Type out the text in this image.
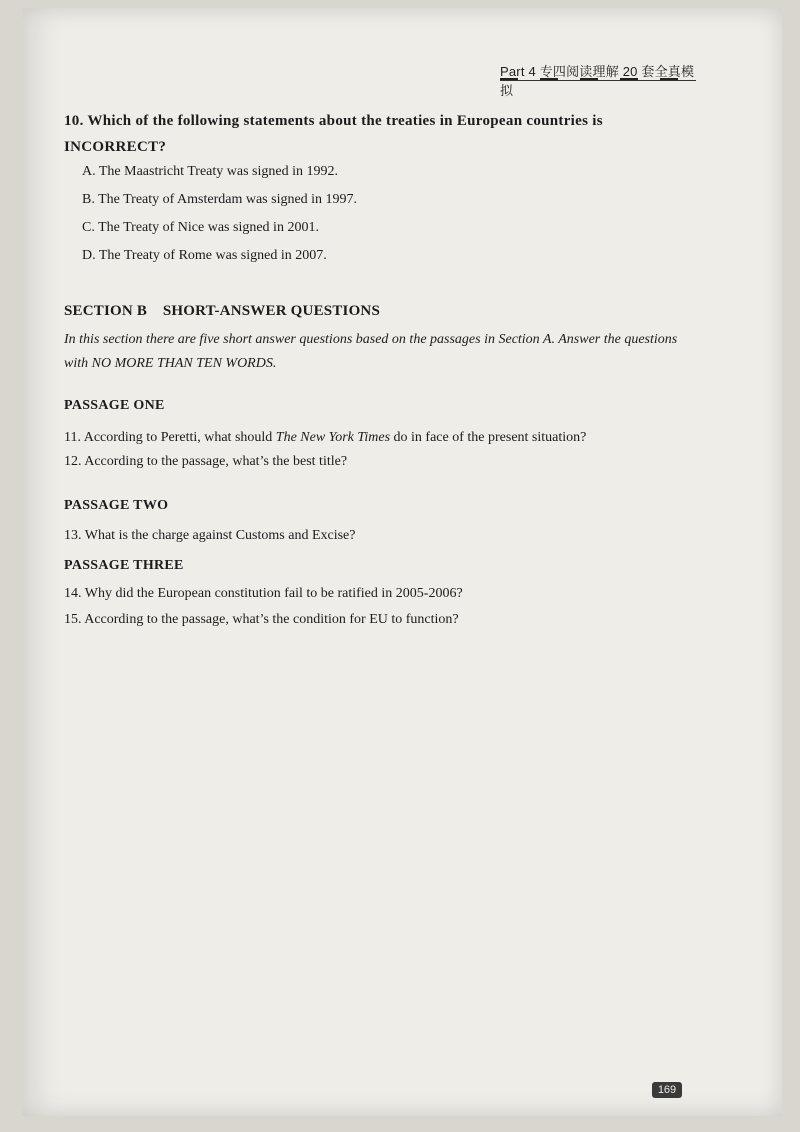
Part 4 专四阅读理解 20 套全真模拟

10. Which of the following statements about the treaties in European countries is INCORRECT?

A. The Maastricht Treaty was signed in 1992.

B. The Treaty of Amsterdam was signed in 1997.

C. The Treaty of Nice was signed in 2001.

D. The Treaty of Rome was signed in 2007.

SECTION B    SHORT-ANSWER QUESTIONS
In this section there are five short answer questions based on the passages in Section A. Answer the questions with NO MORE THAN TEN WORDS.
PASSAGE ONE
11. According to Peretti, what should The New York Times do in face of the present situation?
12. According to the passage, what’s the best title?
PASSAGE TWO
13. What is the charge against Customs and Excise?
PASSAGE THREE
14. Why did the European constitution fail to be ratified in 2005-2006?
15. According to the passage, what’s the condition for EU to function?
169
